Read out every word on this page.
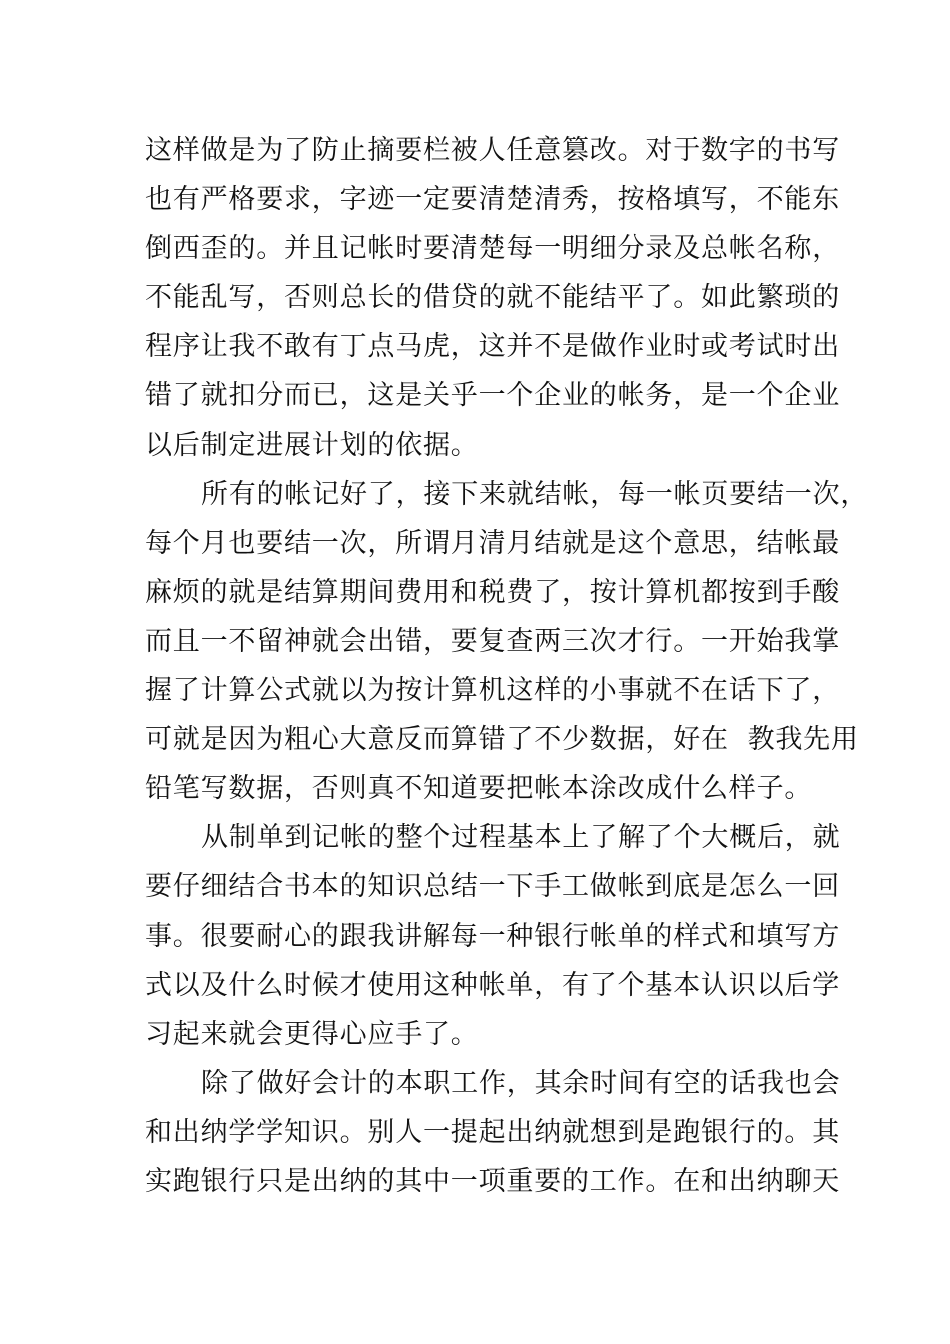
这样做是为了防止摘要栏被人任意篡改。对于数字的书写
也有严格要求，字迹一定要清楚清秀，按格填写，不能东
倒西歪的。并且记帐时要清楚每一明细分录及总帐名称，
不能乱写，否则总长的借贷的就不能结平了。如此繁琐的
程序让我不敢有丁点马虎，这并不是做作业时或考试时出
错了就扣分而已，这是关乎一个企业的帐务，是一个企业
以后制定进展计划的依据。
所有的帐记好了，接下来就结帐，每一帐页要结一次，
每个月也要结一次，所谓月清月结就是这个意思，结帐最
麻烦的就是结算期间费用和税费了，按计算机都按到手酸
而且一不留神就会出错，要复查两三次才行。一开始我掌
握了计算公式就以为按计算机这样的小事就不在话下了，
可就是因为粗心大意反而算错了不少数据，好在  教我先用
铅笔写数据，否则真不知道要把帐本涂改成什么样子。
从制单到记帐的整个过程基本上了解了个大概后，就
要仔细结合书本的知识总结一下手工做帐到底是怎么一回
事。很要耐心的跟我讲解每一种银行帐单的样式和填写方
式以及什么时候才使用这种帐单，有了个基本认识以后学
习起来就会更得心应手了。
除了做好会计的本职工作，其余时间有空的话我也会
和出纳学学知识。别人一提起出纳就想到是跑银行的。其
实跑银行只是出纳的其中一项重要的工作。在和出纳聊天
